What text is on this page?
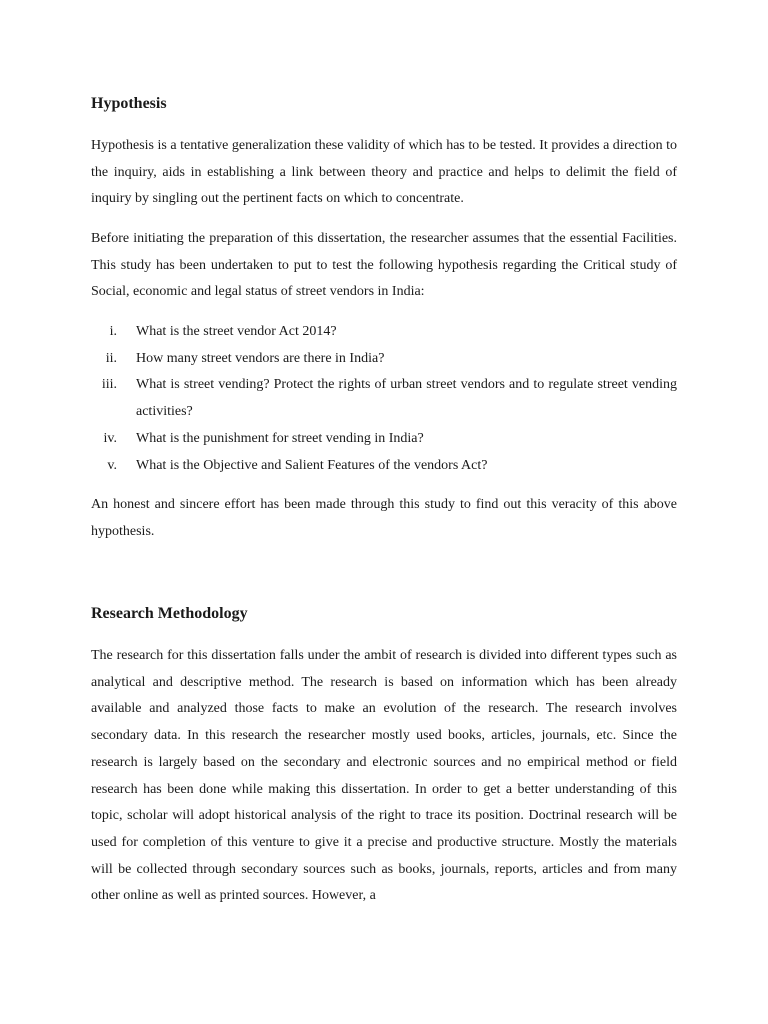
Hypothesis

Hypothesis is a tentative generalization these validity of which has to be tested. It provides a direction to the inquiry, aids in establishing a link between theory and practice and helps to delimit the field of inquiry by singling out the pertinent facts on which to concentrate.

Before initiating the preparation of this dissertation, the researcher assumes that the essential Facilities. This study has been undertaken to put to test the following hypothesis regarding the Critical study of Social, economic and legal status of street vendors in India:

i. What is the street vendor Act 2014?
ii. How many street vendors are there in India?
iii. What is street vending? Protect the rights of urban street vendors and to regulate street vending activities?
iv. What is the punishment for street vending in India?
v. What is the Objective and Salient Features of the vendors Act?

An honest and sincere effort has been made through this study to find out this veracity of this above hypothesis.

Research Methodology

The research for this dissertation falls under the ambit of research is divided into different types such as analytical and descriptive method. The research is based on information which has been already available and analyzed those facts to make an evolution of the research. The research involves secondary data. In this research the researcher mostly used books, articles, journals, etc. Since the research is largely based on the secondary and electronic sources and no empirical method or field research has been done while making this dissertation. In order to get a better understanding of this topic, scholar will adopt historical analysis of the right to trace its position. Doctrinal research will be used for completion of this venture to give it a precise and productive structure. Mostly the materials will be collected through secondary sources such as books, journals, reports, articles and from many other online as well as printed sources. However, a
